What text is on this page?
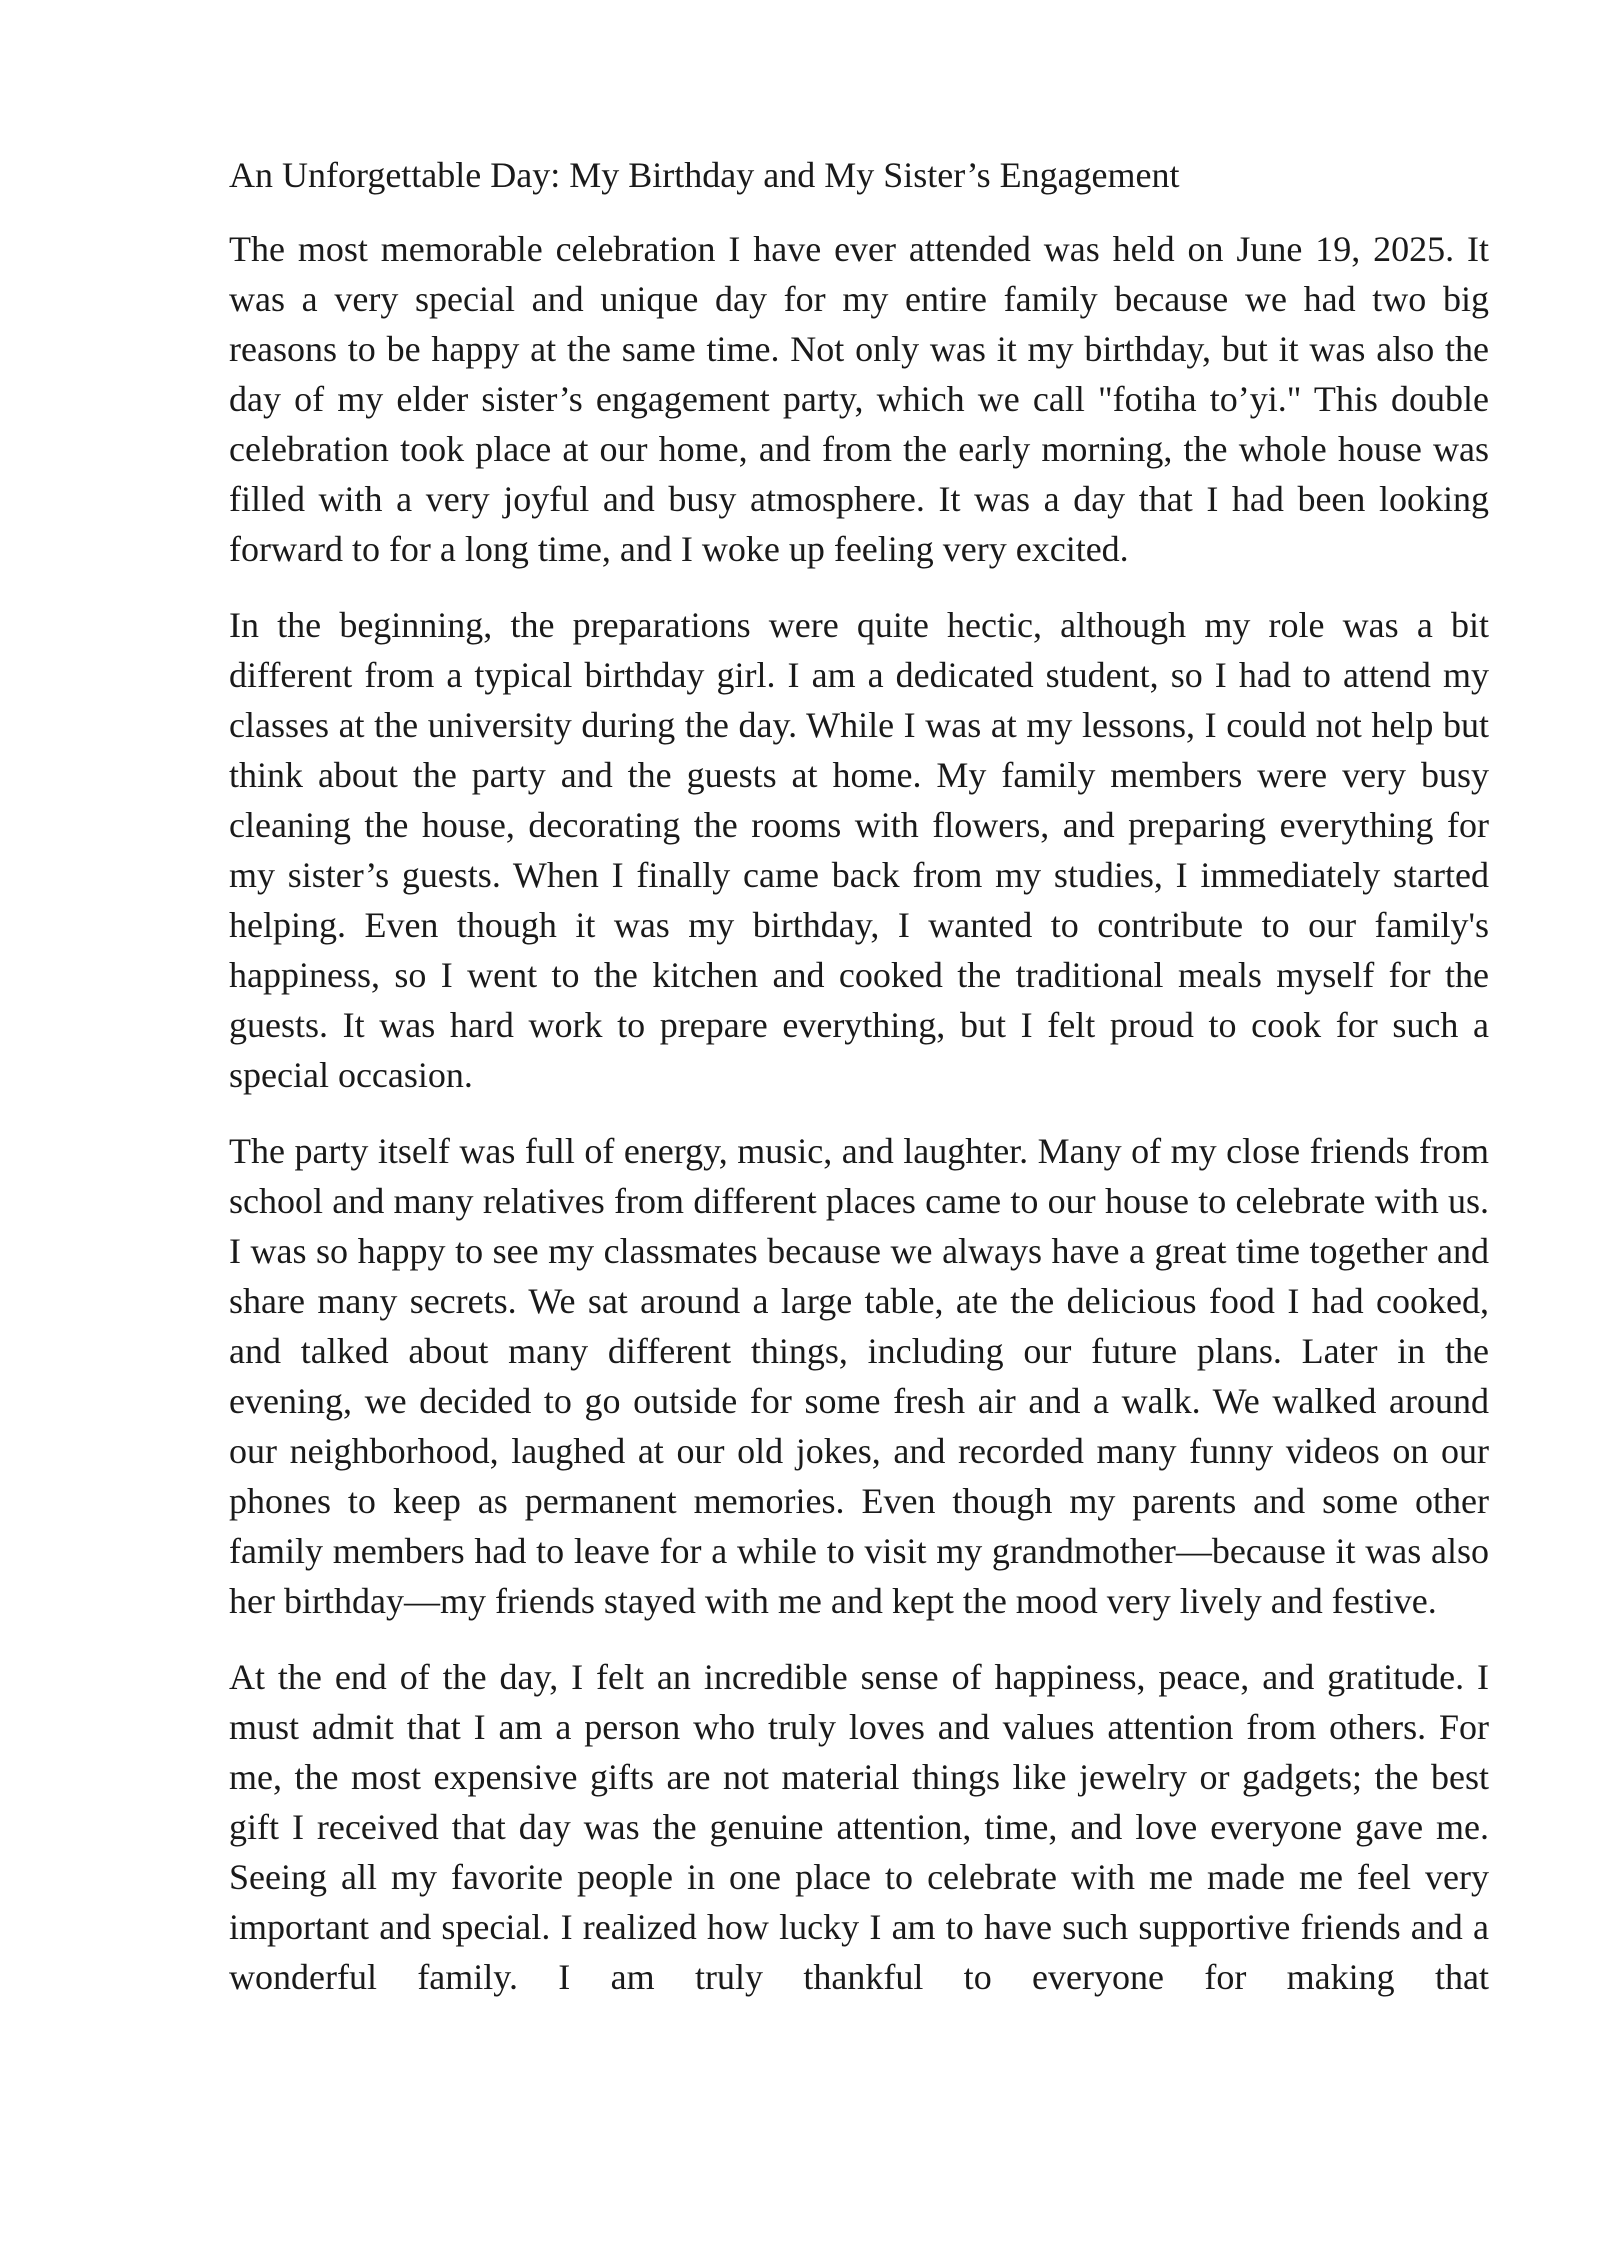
An Unforgettable Day: My Birthday and My Sister’s Engagement

The most memorable celebration I have ever attended was held on June 19, 2025. It was a very special and unique day for my entire family because we had two big reasons to be happy at the same time. Not only was it my birthday, but it was also the day of my elder sister’s engagement party, which we call "fotiha to’yi." This double celebration took place at our home, and from the early morning, the whole house was filled with a very joyful and busy atmosphere. It was a day that I had been looking forward to for a long time, and I woke up feeling very excited.

In the beginning, the preparations were quite hectic, although my role was a bit different from a typical birthday girl. I am a dedicated student, so I had to attend my classes at the university during the day. While I was at my lessons, I could not help but think about the party and the guests at home. My family members were very busy cleaning the house, decorating the rooms with flowers, and preparing everything for my sister’s guests. When I finally came back from my studies, I immediately started helping. Even though it was my birthday, I wanted to contribute to our family's happiness, so I went to the kitchen and cooked the traditional meals myself for the guests. It was hard work to prepare everything, but I felt proud to cook for such a special occasion.

The party itself was full of energy, music, and laughter. Many of my close friends from school and many relatives from different places came to our house to celebrate with us. I was so happy to see my classmates because we always have a great time together and share many secrets. We sat around a large table, ate the delicious food I had cooked, and talked about many different things, including our future plans. Later in the evening, we decided to go outside for some fresh air and a walk. We walked around our neighborhood, laughed at our old jokes, and recorded many funny videos on our phones to keep as permanent memories. Even though my parents and some other family members had to leave for a while to visit my grandmother—because it was also her birthday—my friends stayed with me and kept the mood very lively and festive.

At the end of the day, I felt an incredible sense of happiness, peace, and gratitude. I must admit that I am a person who truly loves and values attention from others. For me, the most expensive gifts are not material things like jewelry or gadgets; the best gift I received that day was the genuine attention, time, and love everyone gave me. Seeing all my favorite people in one place to celebrate with me made me feel very important and special. I realized how lucky I am to have such supportive friends and a wonderful family. I am truly thankful to everyone for making that
